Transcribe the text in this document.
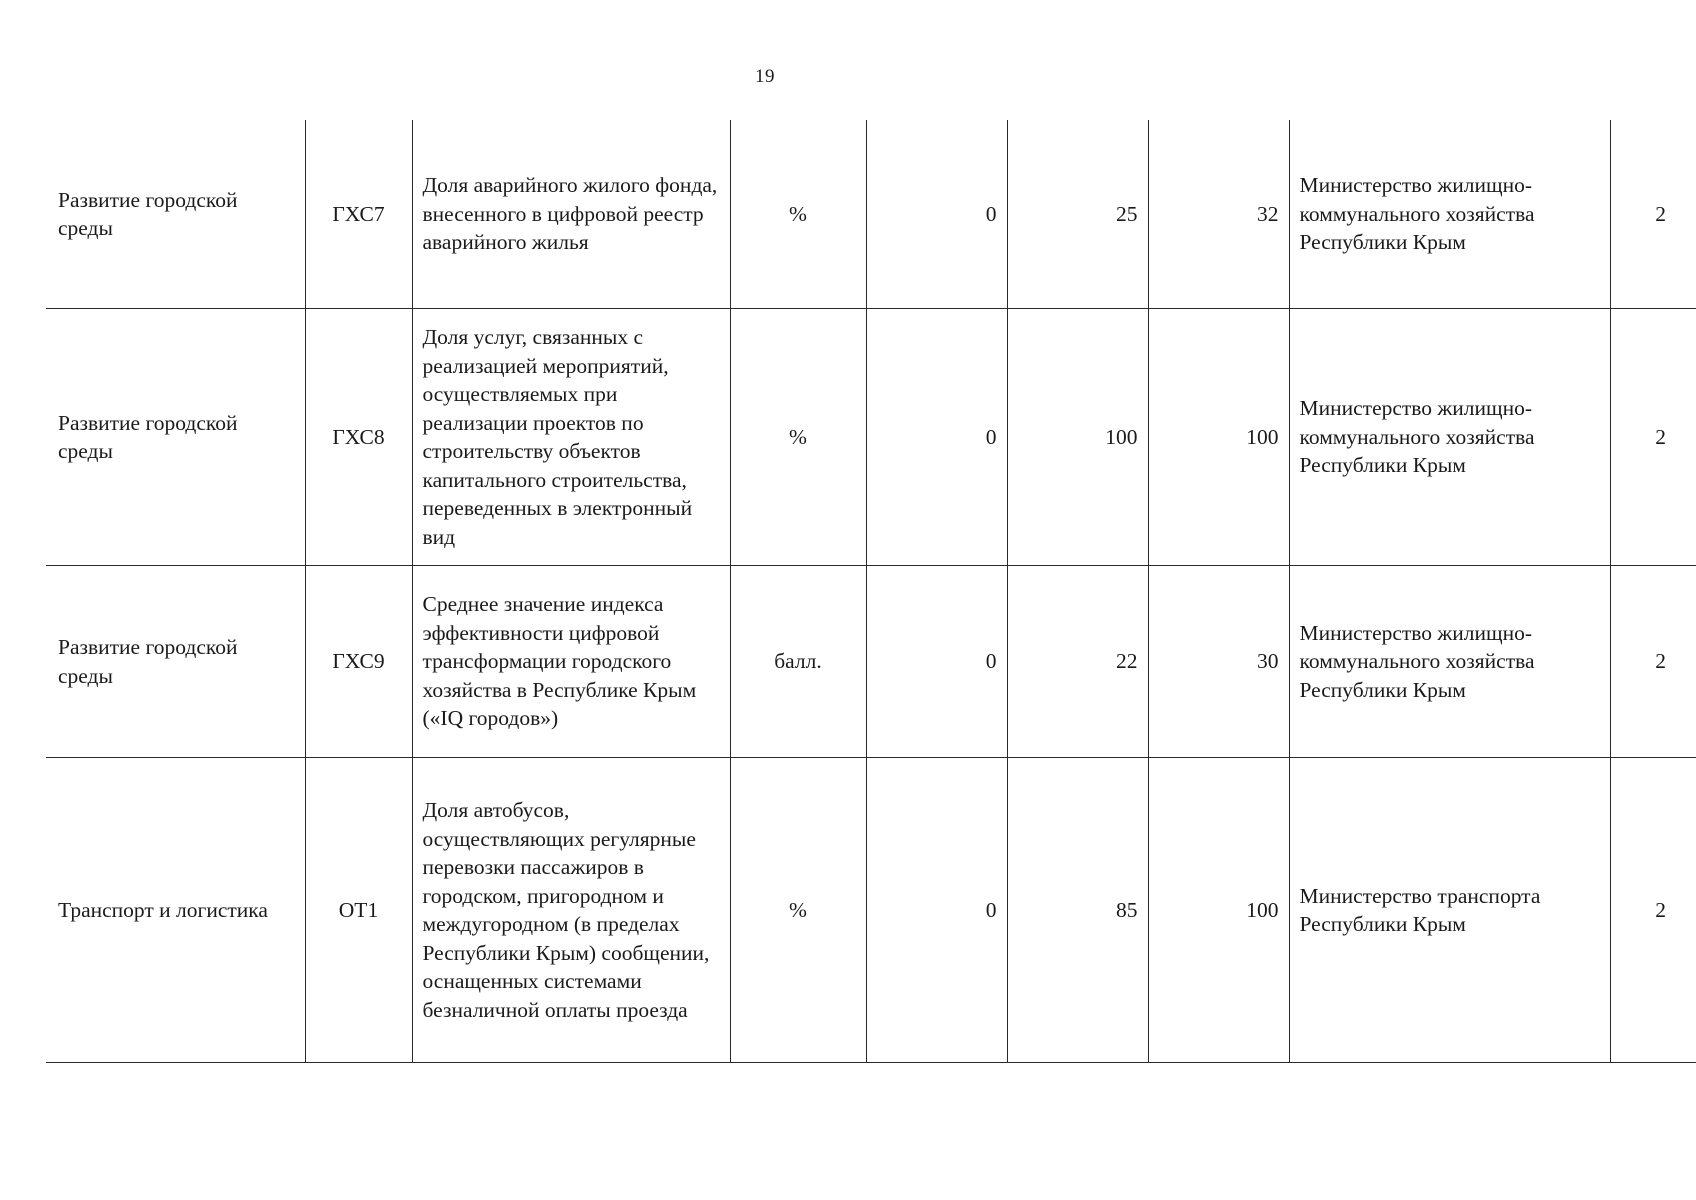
19
Развитие городской среды	ГХС7	Доля аварийного жилого фонда, внесенного в цифровой реестр аварийного жилья	%	0	25	32	Министерство жилищно-коммунального хозяйства Республики Крым	2

Развитие городской среды	ГХС8	Доля услуг, связанных с реализацией мероприятий, осуществляемых при реализации проектов по строительству объектов капитального строительства, переведенных в электронный вид	%	0	100	100	Министерство жилищно-коммунального хозяйства Республики Крым	2

Развитие городской среды	ГХС9	Среднее значение индекса эффективности цифровой трансформации городского хозяйства в Республике Крым («IQ городов»)	балл.	0	22	30	Министерство жилищно-коммунального хозяйства Республики Крым	2

Транспорт и логистика	ОТ1	Доля автобусов, осуществляющих регулярные перевозки пассажиров в городском, пригородном и междугородном (в пределах Республики Крым) сообщении, оснащенных системами безналичной оплаты проезда	%	0	85	100	Министерство транспорта Республики Крым	2
